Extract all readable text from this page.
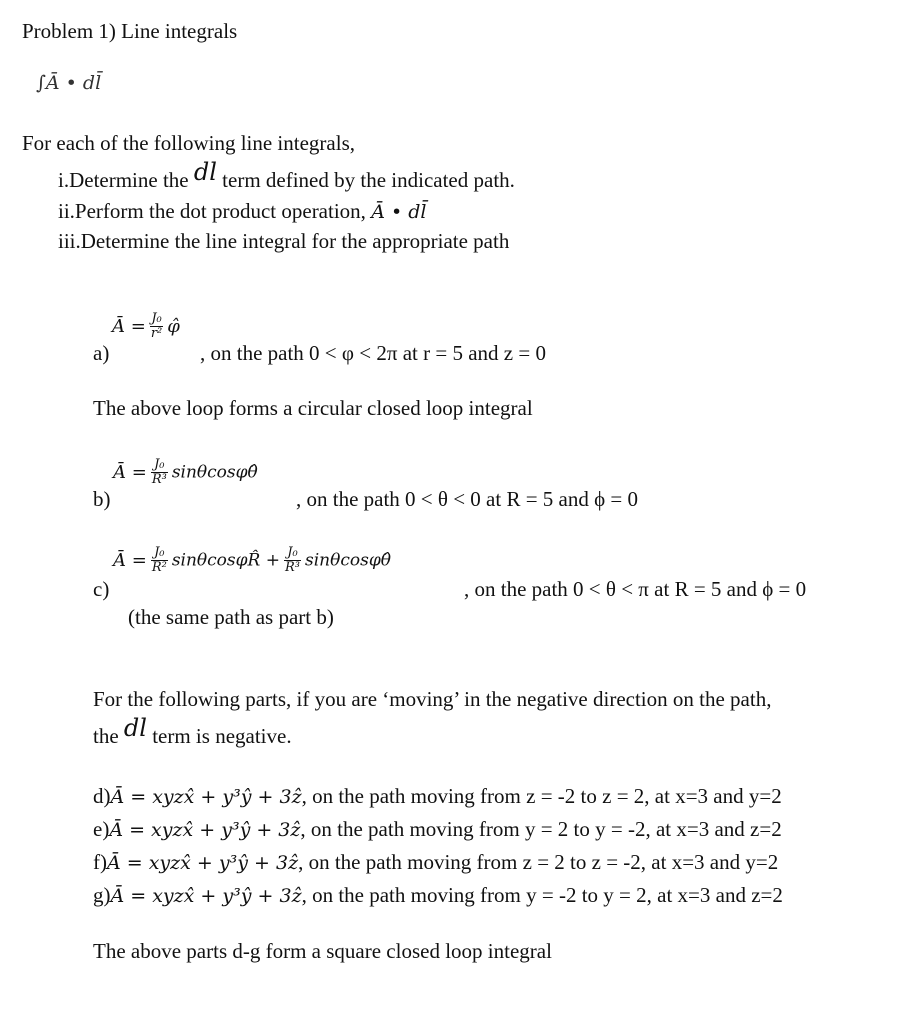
Problem 1) Line integrals
∫Ā • dl̄
For each of the following line integrals,
i.Determine the dl term defined by the indicated path.
ii.Perform the dot product operation, Ā • dl̄
iii.Determine the line integral for the appropriate path
a)
Ā = $\frac{\text{J₀}}{\text{r²}}$ φ̂
, on the path 0 < φ < 2π at r = 5 and z = 0
The above loop forms a circular closed loop integral
b)
Ā = $\frac{\text{J₀}}{\text{R³}}$ sinθcosφθ̂
, on the path 0 < θ < 0 at R = 5 and ϕ = 0
c)
Ā = $\frac{\text{J₀}}{\text{R²}}$ sinθcosφR̂ + $\frac{\text{J₀}}{\text{R³}}$ sinθcosφθ̂
, on the path 0 < θ < π at R = 5 and ϕ = 0
(the same path as part b)
For the following parts, if you are ‘moving’ in the negative direction on the path,
the dl term is negative.
d)Ā = xyzx̂ + y³ŷ + 3ẑ, on the path moving from z = -2 to z = 2, at x=3 and y=2
e)Ā = xyzx̂ + y³ŷ + 3ẑ, on the path moving from y = 2 to y = -2, at x=3 and z=2
f)Ā = xyzx̂ + y³ŷ + 3ẑ, on the path moving from z = 2 to z = -2, at x=3 and y=2
g)Ā = xyzx̂ + y³ŷ + 3ẑ, on the path moving from y = -2 to y = 2, at x=3 and z=2
The above parts d-g form a square closed loop integral
